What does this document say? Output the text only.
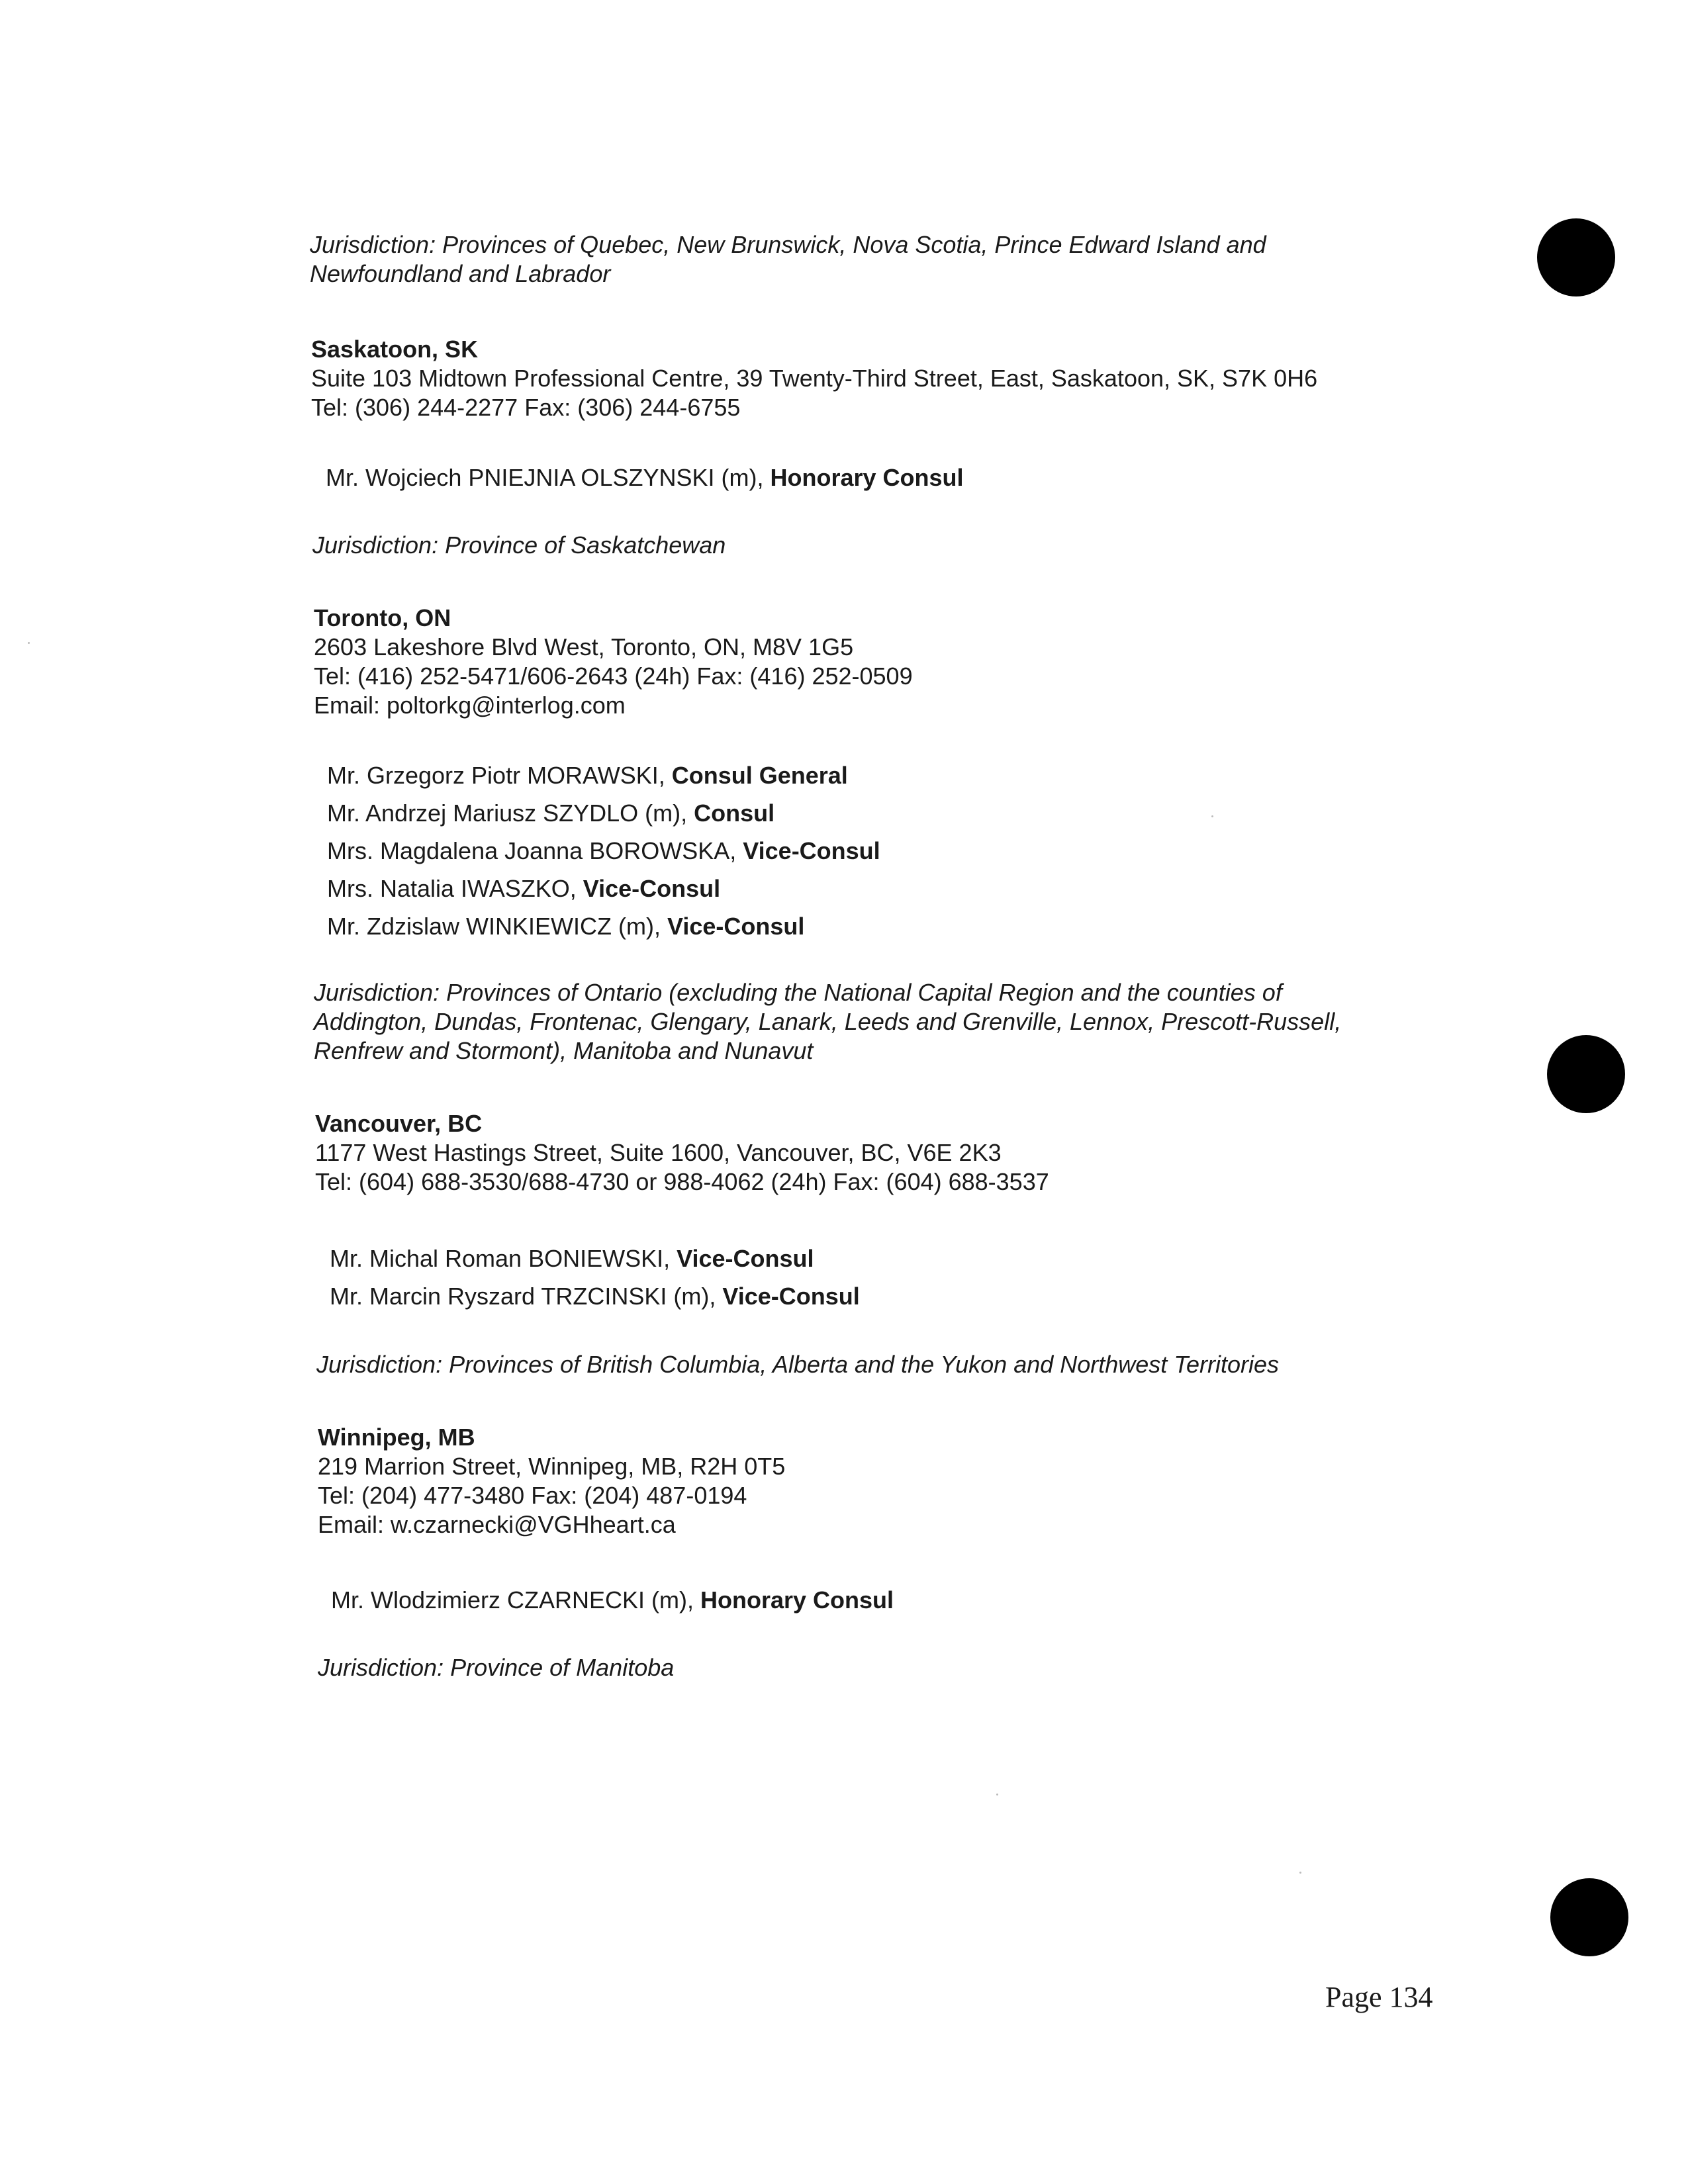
Jurisdiction: Provinces of Quebec, New Brunswick, Nova Scotia, Prince Edward Island and
Newfoundland and Labrador
Saskatoon, SK
Suite 103 Midtown Professional Centre, 39 Twenty-Third Street, East, Saskatoon, SK, S7K 0H6
Tel: (306) 244-2277 Fax: (306) 244-6755
Mr. Wojciech PNIEJNIA OLSZYNSKI (m), Honorary Consul
Jurisdiction: Province of Saskatchewan
Toronto, ON
2603 Lakeshore Blvd West, Toronto, ON, M8V 1G5
Tel: (416) 252-5471/606-2643 (24h) Fax: (416) 252-0509
Email: poltorkg@interlog.com
Mr. Grzegorz Piotr MORAWSKI, Consul General
Mr. Andrzej Mariusz SZYDLO (m), Consul
Mrs. Magdalena Joanna BOROWSKA, Vice-Consul
Mrs. Natalia IWASZKO, Vice-Consul
Mr. Zdzislaw WINKIEWICZ (m), Vice-Consul
Jurisdiction: Provinces of Ontario (excluding the National Capital Region and the counties of
Addington, Dundas, Frontenac, Glengary, Lanark, Leeds and Grenville, Lennox, Prescott-Russell,
Renfrew and Stormont), Manitoba and Nunavut
Vancouver, BC
1177 West Hastings Street, Suite 1600, Vancouver, BC, V6E 2K3
Tel: (604) 688-3530/688-4730 or 988-4062 (24h) Fax: (604) 688-3537
Mr. Michal Roman BONIEWSKI, Vice-Consul
Mr. Marcin Ryszard TRZCINSKI (m), Vice-Consul
Jurisdiction: Provinces of British Columbia, Alberta and the Yukon and Northwest Territories
Winnipeg, MB
219 Marrion Street, Winnipeg, MB, R2H 0T5
Tel: (204) 477-3480 Fax: (204) 487-0194
Email: w.czarnecki@VGHheart.ca
Mr. Wlodzimierz CZARNECKI (m), Honorary Consul
Jurisdiction: Province of Manitoba
Page 134
